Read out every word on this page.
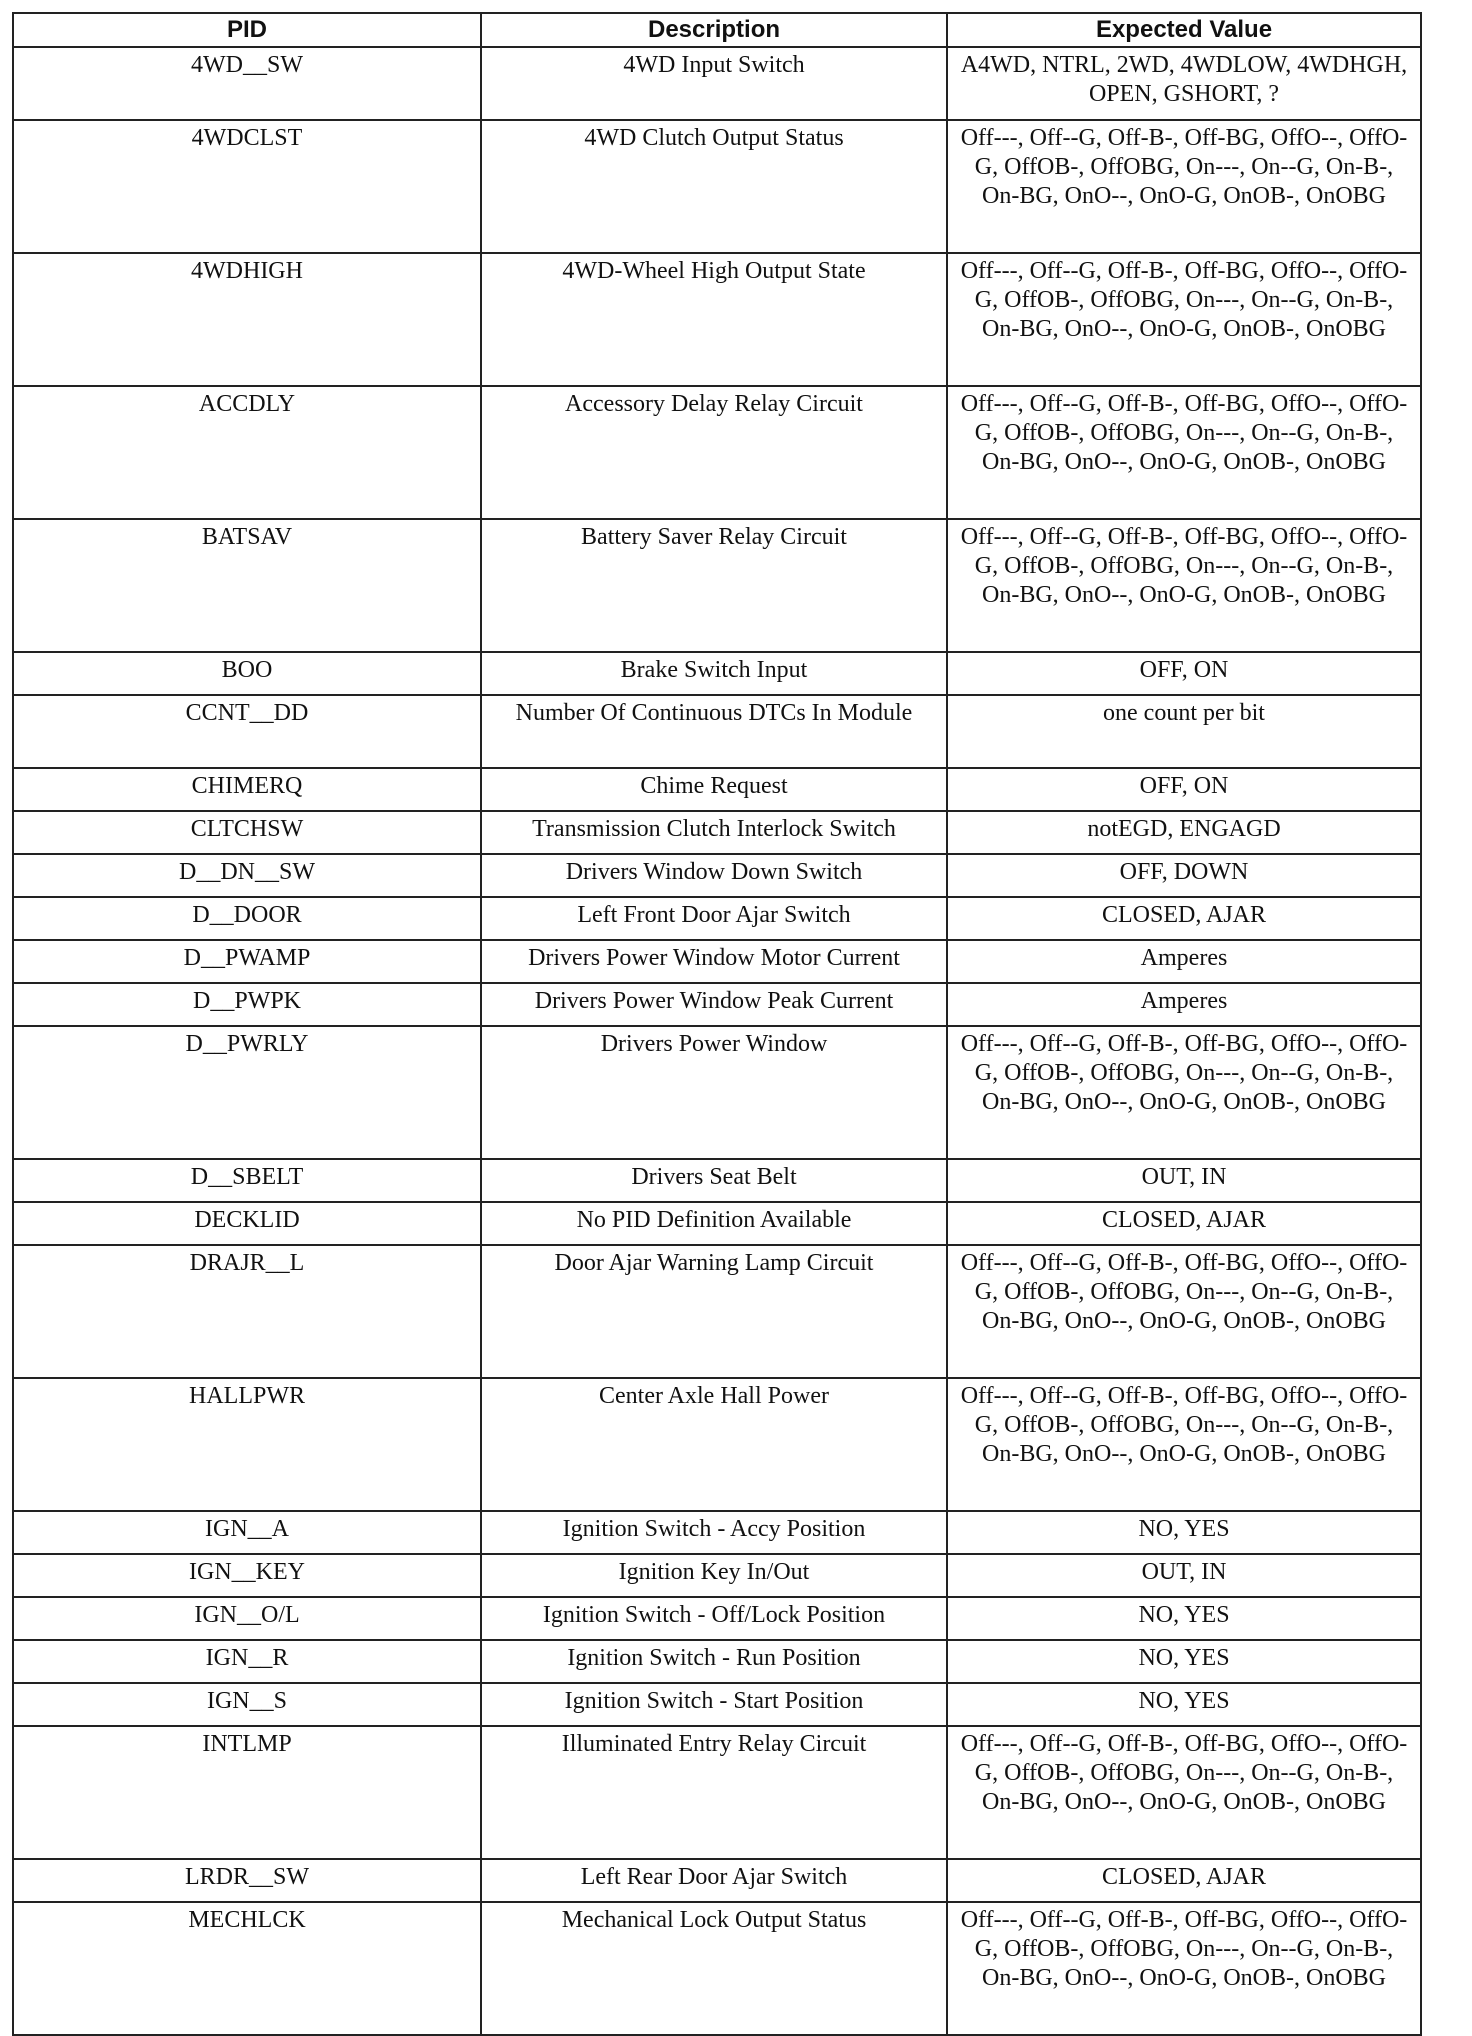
PID	Description	Expected Value
4WD__SW	4WD Input Switch	A4WD, NTRL, 2WD, 4WDLOW, 4WDHGH, OPEN, GSHORT, ?
4WDCLST	4WD Clutch Output Status	Off---, Off--G, Off-B-, Off-BG, OffO--, OffO-G, OffOB-, OffOBG, On---, On--G, On-B-, On-BG, OnO--, OnO-G, OnOB-, OnOBG
4WDHIGH	4WD-Wheel High Output State	Off---, Off--G, Off-B-, Off-BG, OffO--, OffO-G, OffOB-, OffOBG, On---, On--G, On-B-, On-BG, OnO--, OnO-G, OnOB-, OnOBG
ACCDLY	Accessory Delay Relay Circuit	Off---, Off--G, Off-B-, Off-BG, OffO--, OffO-G, OffOB-, OffOBG, On---, On--G, On-B-, On-BG, OnO--, OnO-G, OnOB-, OnOBG
BATSAV	Battery Saver Relay Circuit	Off---, Off--G, Off-B-, Off-BG, OffO--, OffO-G, OffOB-, OffOBG, On---, On--G, On-B-, On-BG, OnO--, OnO-G, OnOB-, OnOBG
BOO	Brake Switch Input	OFF, ON
CCNT__DD	Number Of Continuous DTCs In Module	one count per bit
CHIMERQ	Chime Request	OFF, ON
CLTCHSW	Transmission Clutch Interlock Switch	notEGD, ENGAGD
D__DN__SW	Drivers Window Down Switch	OFF, DOWN
D__DOOR	Left Front Door Ajar Switch	CLOSED, AJAR
D__PWAMP	Drivers Power Window Motor Current	Amperes
D__PWPK	Drivers Power Window Peak Current	Amperes
D__PWRLY	Drivers Power Window	Off---, Off--G, Off-B-, Off-BG, OffO--, OffO-G, OffOB-, OffOBG, On---, On--G, On-B-, On-BG, OnO--, OnO-G, OnOB-, OnOBG
D__SBELT	Drivers Seat Belt	OUT, IN
DECKLID	No PID Definition Available	CLOSED, AJAR
DRAJR__L	Door Ajar Warning Lamp Circuit	Off---, Off--G, Off-B-, Off-BG, OffO--, OffO-G, OffOB-, OffOBG, On---, On--G, On-B-, On-BG, OnO--, OnO-G, OnOB-, OnOBG
HALLPWR	Center Axle Hall Power	Off---, Off--G, Off-B-, Off-BG, OffO--, OffO-G, OffOB-, OffOBG, On---, On--G, On-B-, On-BG, OnO--, OnO-G, OnOB-, OnOBG
IGN__A	Ignition Switch - Accy Position	NO, YES
IGN__KEY	Ignition Key In/Out	OUT, IN
IGN__O/L	Ignition Switch - Off/Lock Position	NO, YES
IGN__R	Ignition Switch - Run Position	NO, YES
IGN__S	Ignition Switch - Start Position	NO, YES
INTLMP	Illuminated Entry Relay Circuit	Off---, Off--G, Off-B-, Off-BG, OffO--, OffO-G, OffOB-, OffOBG, On---, On--G, On-B-, On-BG, OnO--, OnO-G, OnOB-, OnOBG
LRDR__SW	Left Rear Door Ajar Switch	CLOSED, AJAR
MECHLCK	Mechanical Lock Output Status	Off---, Off--G, Off-B-, Off-BG, OffO--, OffO-G, OffOB-, OffOBG, On---, On--G, On-B-, On-BG, OnO--, OnO-G, OnOB-, OnOBG
